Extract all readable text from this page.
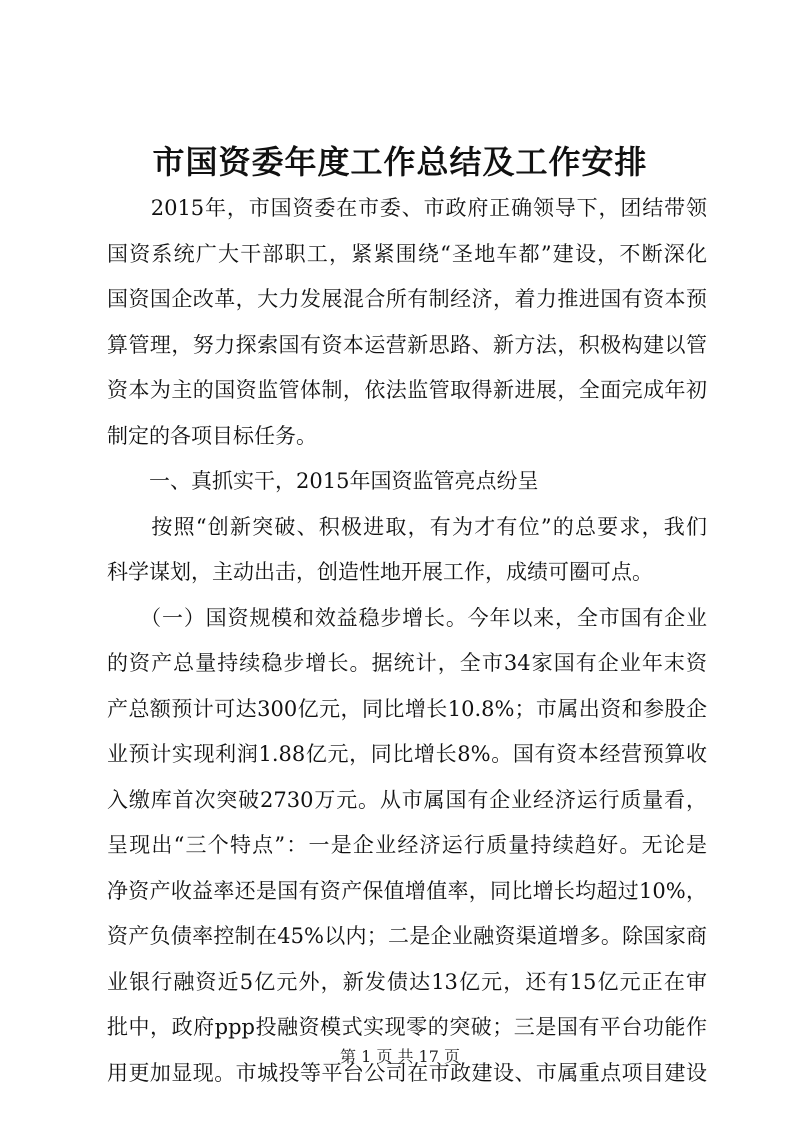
市国资委年度工作总结及工作安排
　　2015年，市国资委在市委、市政府正确领导下，团结带领
国资系统广大干部职工，紧紧围绕“圣地车都”建设，不断深化
国资国企改革，大力发展混合所有制经济，着力推进国有资本预
算管理，努力探索国有资本运营新思路、新方法，积极构建以管
资本为主的国资监管体制，依法监管取得新进展，全面完成年初
制定的各项目标任务。
　　一、真抓实干，2015年国资监管亮点纷呈
　　按照“创新突破、积极进取，有为才有位”的总要求，我们
科学谋划，主动出击，创造性地开展工作，成绩可圈可点。
　　（一）国资规模和效益稳步增长。今年以来，全市国有企业
的资产总量持续稳步增长。据统计，全市34家国有企业年末资
产总额预计可达300亿元，同比增长10.8%；市属出资和参股企
业预计实现利润1.88亿元，同比增长8%。国有资本经营预算收
入缴库首次突破2730万元。从市属国有企业经济运行质量看，
呈现出“三个特点”：一是企业经济运行质量持续趋好。无论是
净资产收益率还是国有资产保值增值率，同比增长均超过10%，
资产负债率控制在45%以内；二是企业融资渠道增多。除国家商
业银行融资近5亿元外，新发债达13亿元，还有15亿元正在审
批中，政府ppp投融资模式实现零的突破；三是国有平台功能作
用更加显现。市城投等平台公司在市政建设、市属重点项目建设
第 1 页 共 17 页
